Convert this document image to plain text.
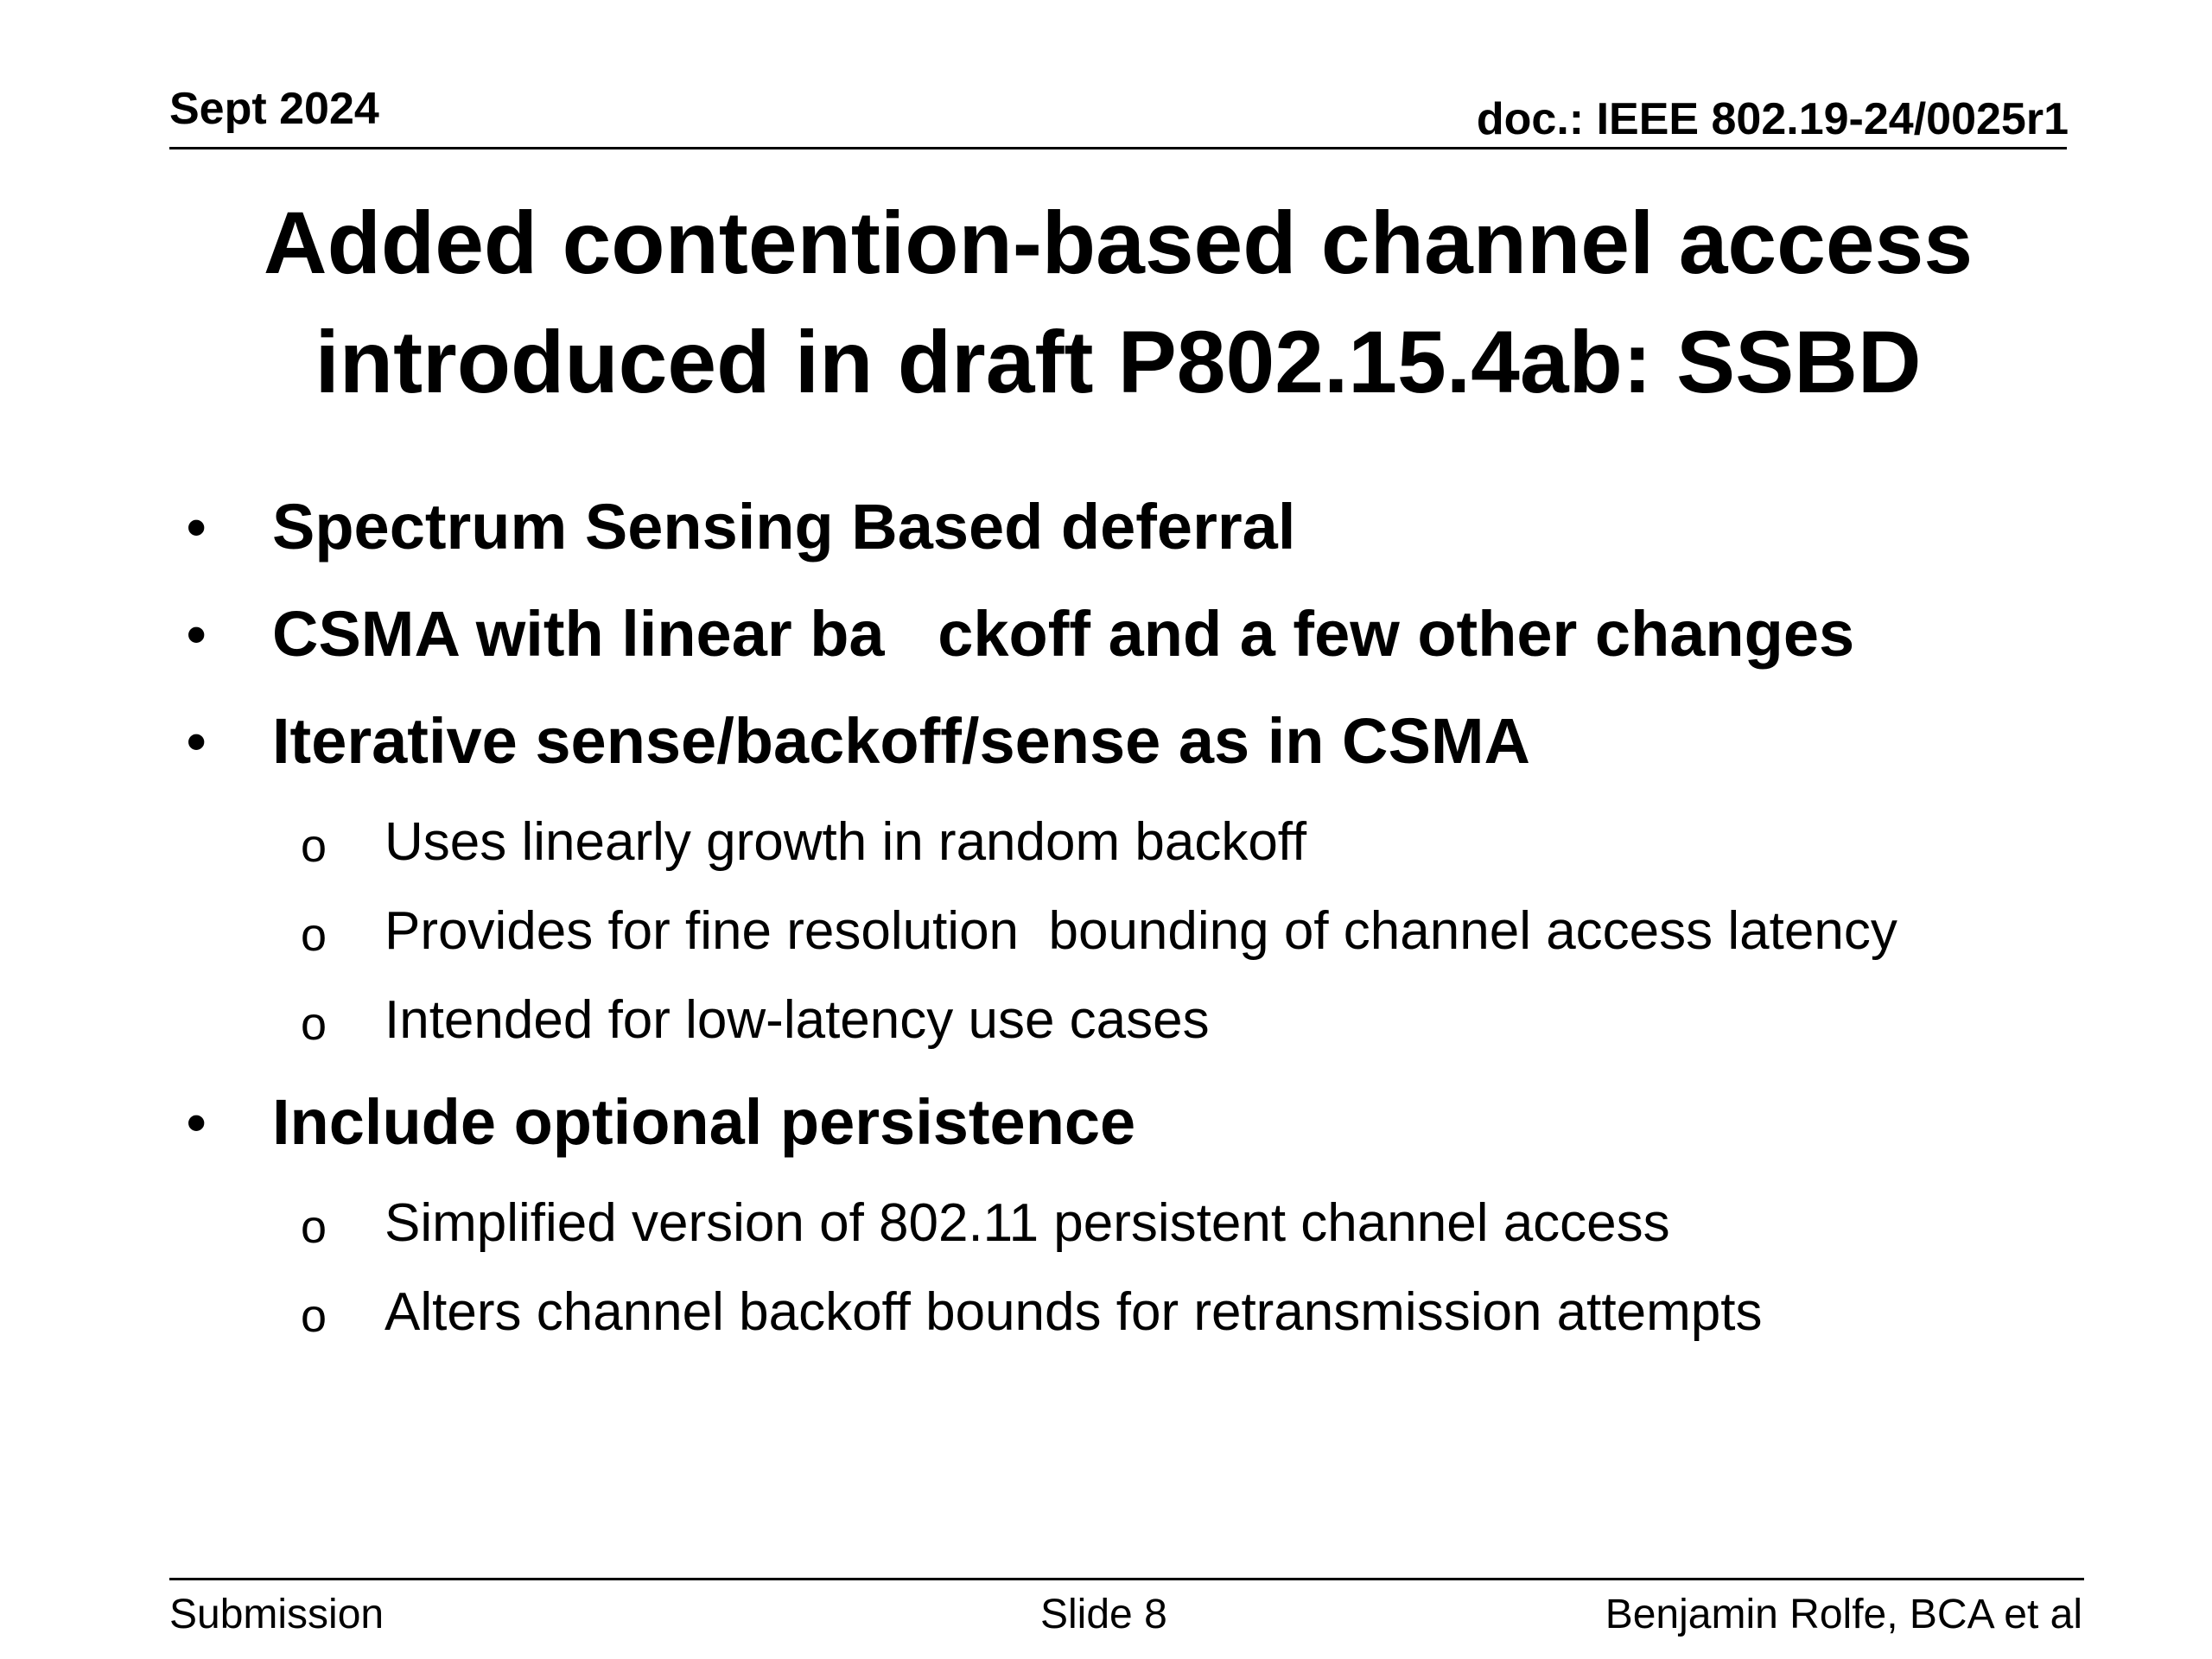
Sept 2024	doc.: IEEE 802.19-24/0025r1
Added contention-based channel access
introduced in draft P802.15.4ab: SSBD
• Spectrum Sensing Based deferral
• CSMA with linear ba   ckoff and a few other changes
• Iterative sense/backoff/sense as in CSMA
o Uses linearly growth in random backoff
o Provides for fine resolution  bounding of channel access latency
o Intended for low-latency use cases
• Include optional persistence
o Simplified version of 802.11 persistent channel access
o Alters channel backoff bounds for retransmission attempts
Submission	Slide 8	Benjamin Rolfe, BCA et al
